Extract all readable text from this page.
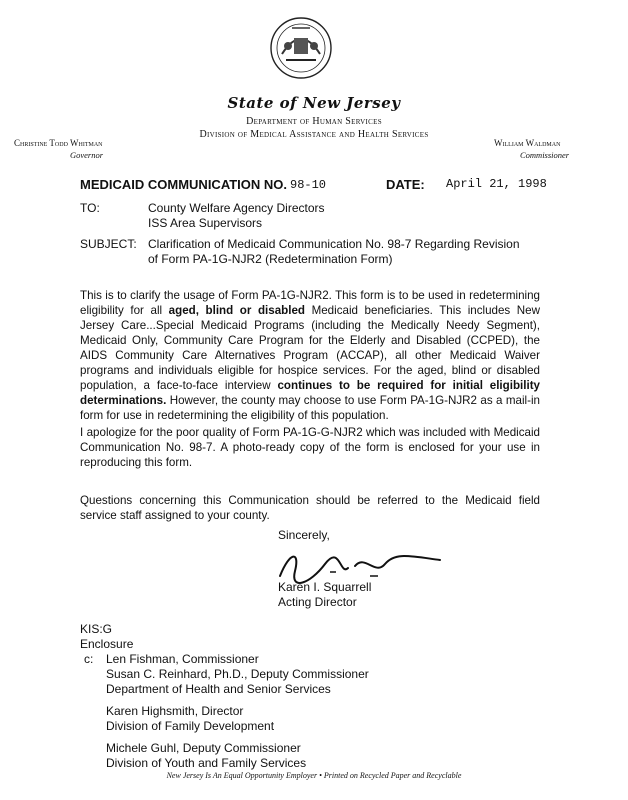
State of New Jersey
Department of Human Services
Division of Medical Assistance and Health Services
Christine Todd Whitman
Governor
William Waldman
Commissioner
MEDICAID COMMUNICATION NO. 98-10	DATE: April 21, 1998
TO:	County Welfare Agency Directors
ISS Area Supervisors
SUBJECT: Clarification of Medicaid Communication No. 98-7 Regarding Revision of Form PA-1G-NJR2 (Redetermination Form)
This is to clarify the usage of Form PA-1G-NJR2. This form is to be used in redetermining eligibility for all aged, blind or disabled Medicaid beneficiaries. This includes New Jersey Care...Special Medicaid Programs (including the Medically Needy Segment), Medicaid Only, Community Care Program for the Elderly and Disabled (CCPED), the AIDS Community Care Alternatives Program (ACCAP), all other Medicaid Waiver programs and individuals eligible for hospice services. For the aged, blind or disabled population, a face-to-face interview continues to be required for initial eligibility determinations. However, the county may choose to use Form PA-1G-NJR2 as a mail-in form for use in redetermining the eligibility of this population.
I apologize for the poor quality of Form PA-1G-G-NJR2 which was included with Medicaid Communication No. 98-7. A photo-ready copy of the form is enclosed for your use in reproducing this form.
Questions concerning this Communication should be referred to the Medicaid field service staff assigned to your county.
Sincerely,
Karen I. Squarrell
Acting Director
KIS:G
Enclosure
c: Len Fishman, Commissioner
Susan C. Reinhard, Ph.D., Deputy Commissioner
Department of Health and Senior Services
Karen Highsmith, Director
Division of Family Development
Michele Guhl, Deputy Commissioner
Division of Youth and Family Services
New Jersey Is An Equal Opportunity Employer • Printed on Recycled Paper and Recyclable
